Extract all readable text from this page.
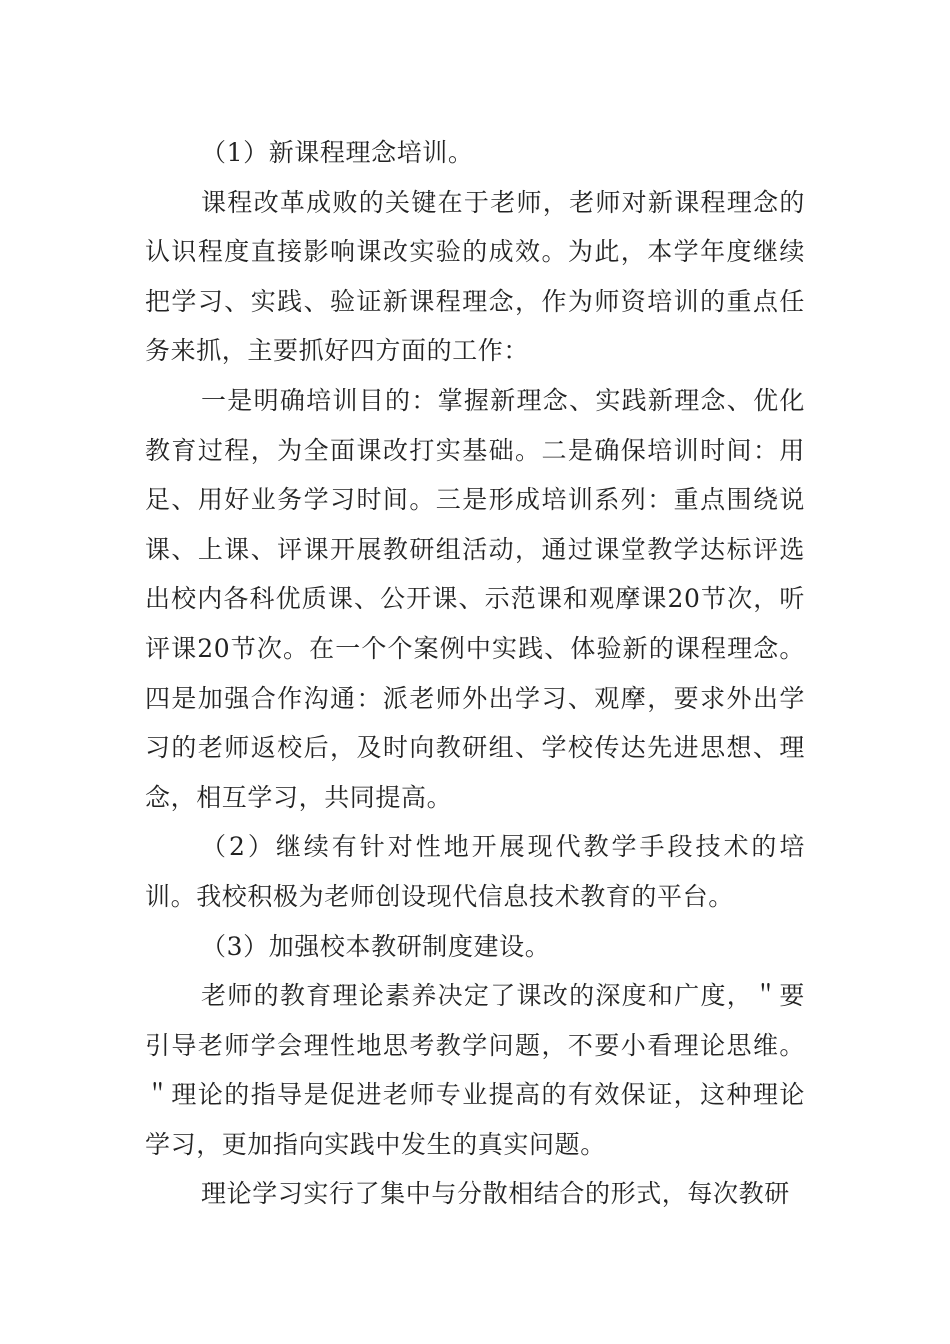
（1）新课程理念培训。

课程改革成败的关键在于老师，老师对新课程理念的认识程度直接影响课改实验的成效。为此，本学年度继续把学习、实践、验证新课程理念，作为师资培训的重点任务来抓，主要抓好四方面的工作：

一是明确培训目的：掌握新理念、实践新理念、优化教育过程，为全面课改打实基础。二是确保培训时间：用足、用好业务学习时间。三是形成培训系列：重点围绕说课、上课、评课开展教研组活动，通过课堂教学达标评选出校内各科优质课、公开课、示范课和观摩课20节次，听评课20节次。在一个个案例中实践、体验新的课程理念。四是加强合作沟通：派老师外出学习、观摩，要求外出学习的老师返校后，及时向教研组、学校传达先进思想、理念，相互学习，共同提高。

（2）继续有针对性地开展现代教学手段技术的培训。我校积极为老师创设现代信息技术教育的平台。

（3）加强校本教研制度建设。

老师的教育理论素养决定了课改的深度和广度，＂要引导老师学会理性地思考教学问题，不要小看理论思维。＂理论的指导是促进老师专业提高的有效保证，这种理论学习，更加指向实践中发生的真实问题。

理论学习实行了集中与分散相结合的形式，每次教研
